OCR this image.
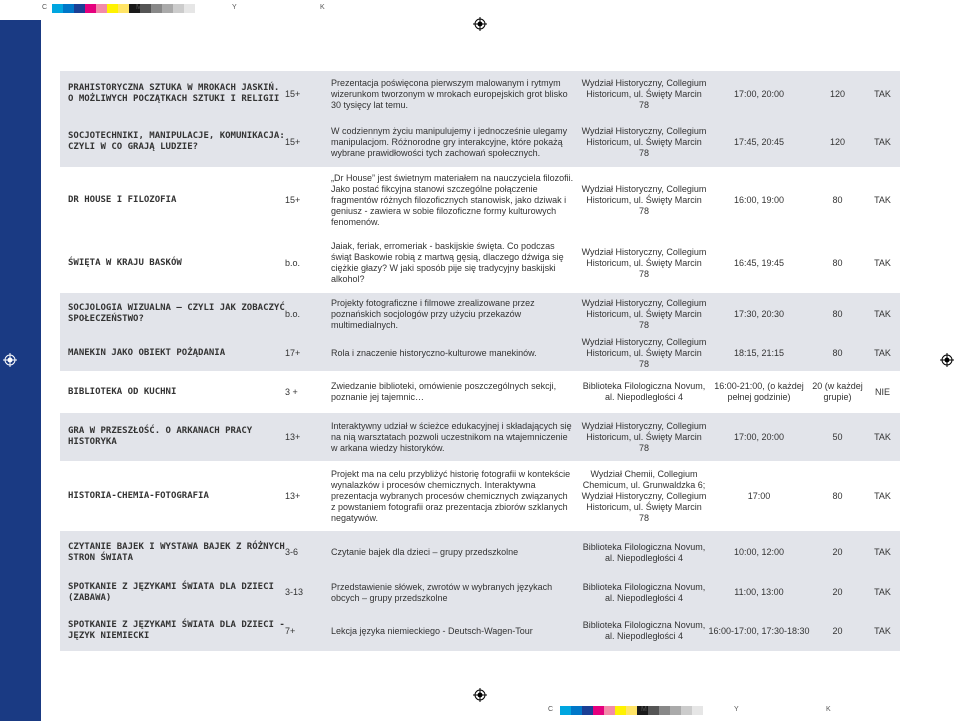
C	M	Y	K
C	M	Y	K
PRAHISTORYCZNA SZTUKA W MROKACH JASKIŃ. O MOŻLIWYCH POCZĄTKACH SZTUKI I RELIGII	15+	Prezentacja poświęcona pierwszym malowanym i rytmym wizerunkom tworzonym w mrokach europejskich grot blisko 30 tysięcy lat temu.	Wydział Historyczny, Collegium Historicum, ul. Święty Marcin 78	17:00, 20:00	120	TAK
SOCJOTECHNIKI, MANIPULACJE, KOMUNIKACJA: CZYLI W CO GRAJĄ LUDZIE?	15+	W codziennym życiu manipulujemy i jednocześnie ulegamy manipulacjom. Różnorodne gry interakcyjne, które pokażą wybrane prawidłowości tych zachowań społecznych.	Wydział Historyczny, Collegium Historicum, ul. Święty Marcin 78	17:45, 20:45	120	TAK
DR HOUSE I FILOZOFIA	15+	„Dr House” jest świetnym materiałem na nauczyciela filozofii. Jako postać fikcyjna stanowi szczególne połączenie fragmentów różnych filozoficznych stanowisk, jako dziwak i geniusz - zawiera w sobie filozoficzne formy kulturowych fenomenów.	Wydział Historyczny, Collegium Historicum, ul. Święty Marcin 78	16:00, 19:00	80	TAK
ŚWIĘTA W KRAJU BASKÓW	b.o.	Jaiak, feriak, erromeriak - baskijskie święta. Co podczas świąt Baskowie robią z martwą gęsią, dlaczego dźwiga się ciężkie głazy? W jaki sposób pije się tradycyjny baskijski alkohol?	Wydział Historyczny, Collegium Historicum, ul. Święty Marcin 78	16:45, 19:45	80	TAK
SOCJOLOGIA WIZUALNA – CZYLI JAK ZOBACZYĆ SPOŁECZEŃSTWO?	b.o.	Projekty fotograficzne i filmowe zrealizowane przez poznańskich socjologów przy użyciu przekazów multimedialnych.	Wydział Historyczny, Collegium Historicum, ul. Święty Marcin 78	17:30, 20:30	80	TAK
MANEKIN JAKO OBIEKT POŻĄDANIA	17+	Rola i znaczenie historyczno-kulturowe manekinów.	Wydział Historyczny, Collegium Historicum, ul. Święty Marcin 78	18:15, 21:15	80	TAK
BIBLIOTEKA OD KUCHNI	3 +	Zwiedzanie biblioteki, omówienie poszczególnych sekcji, poznanie jej tajemnic…	Biblioteka Filologiczna Novum, al. Niepodległości 4	16:00-21:00, (o każdej pełnej godzinie)	20 (w każdej grupie)	NIE
GRA W PRZESZŁOŚĆ. O ARKANACH PRACY HISTORYKA	13+	Interaktywny udział w ścieżce edukacyjnej i składających się na nią warsztatach pozwoli uczestnikom na wtajemniczenie w arkana wiedzy historyków.	Wydział Historyczny, Collegium Historicum, ul. Święty Marcin 78	17:00, 20:00	50	TAK
HISTORIA-CHEMIA-FOTOGRAFIA	13+	Projekt ma na celu przybliżyć historię fotografii w kontekście wynalazków i procesów chemicznych. Interaktywna prezentacja wybranych procesów chemicznych związanych z powstaniem fotografii oraz prezentacja zbiorów szklanych negatywów.	Wydział Chemii, Collegium Chemicum, ul. Grunwaldzka 6; Wydział Historyczny, Collegium Historicum, ul. Święty Marcin 78	17:00	80	TAK
CZYTANIE BAJEK I WYSTAWA BAJEK Z RÓŻNYCH STRON ŚWIATA	3-6	Czytanie bajek dla dzieci – grupy przedszkolne	Biblioteka Filologiczna Novum, al. Niepodległości 4	10:00, 12:00	20	TAK
SPOTKANIE Z JĘZYKAMI ŚWIATA DLA DZIECI (ZABAWA)	3-13	Przedstawienie słówek, zwrotów w wybranych językach obcych – grupy przedszkolne	Biblioteka Filologiczna Novum, al. Niepodległości 4	11:00, 13:00	20	TAK
SPOTKANIE Z JĘZYKAMI ŚWIATA DLA DZIECI - JĘZYK NIEMIECKI	7+	Lekcja języka niemieckiego - Deutsch-Wagen-Tour	Biblioteka Filologiczna Novum, al. Niepodległości 4	16:00-17:00, 17:30-18:30	20	TAK
